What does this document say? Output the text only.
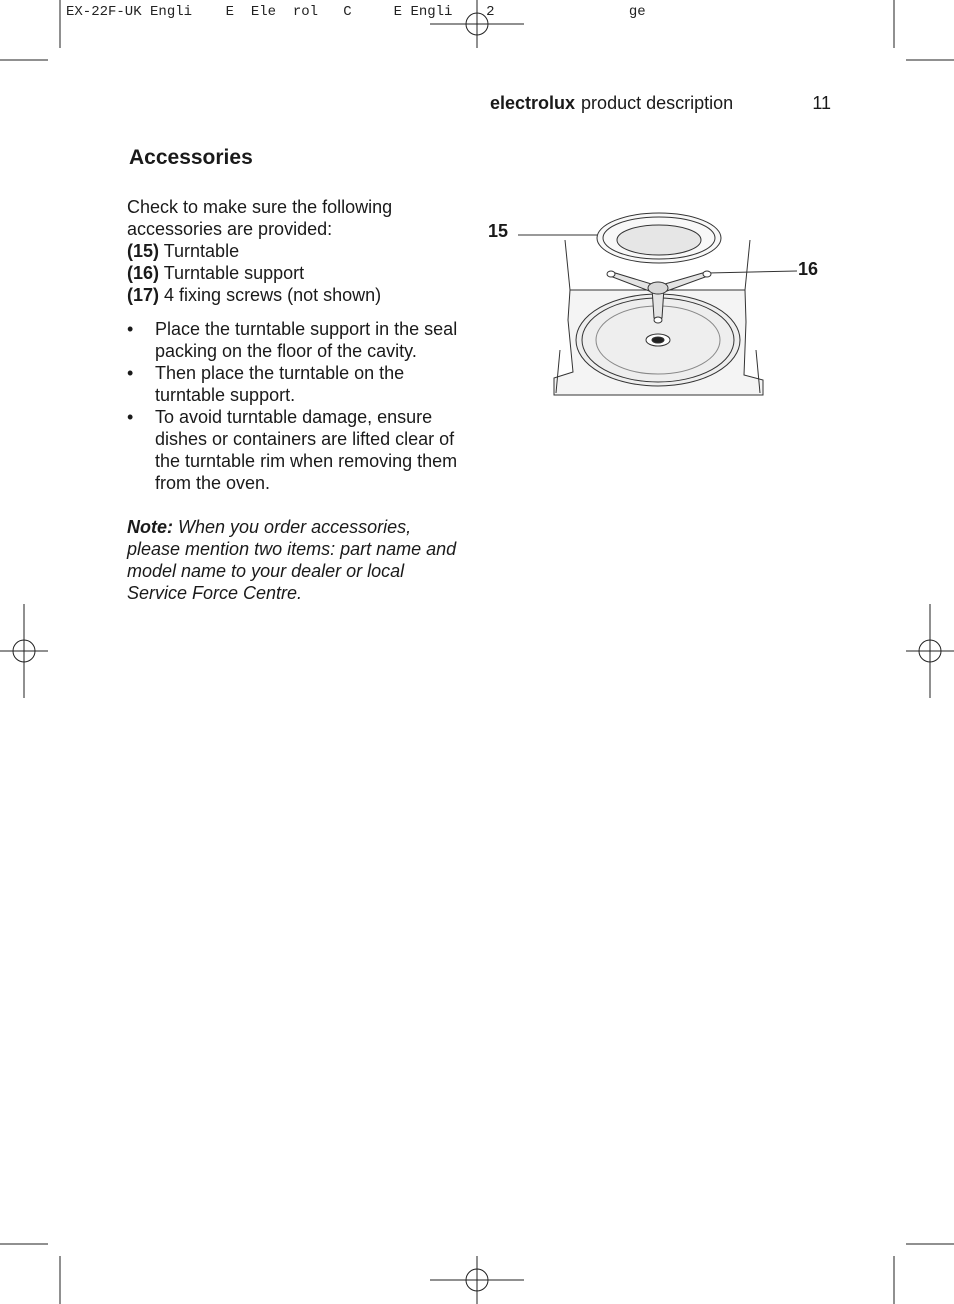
EX-22F-UK Engli    E  Ele  rol   C     E Engli    2                ge
electrolux product description	11
Accessories

Check to make sure the following accessories are provided:

(15) Turntable

(16) Turntable support

(17) 4 fixing screws (not shown)

• Place the turntable support in the seal packing on the floor of the cavity.
• Then place the turntable on the turntable support.
• To avoid turntable damage, ensure dishes or containers are lifted clear of the turntable rim when removing them from the oven.

Note: When you order accessories, please mention two items: part name and model name to your dealer or local Service Force Centre.

15
16
